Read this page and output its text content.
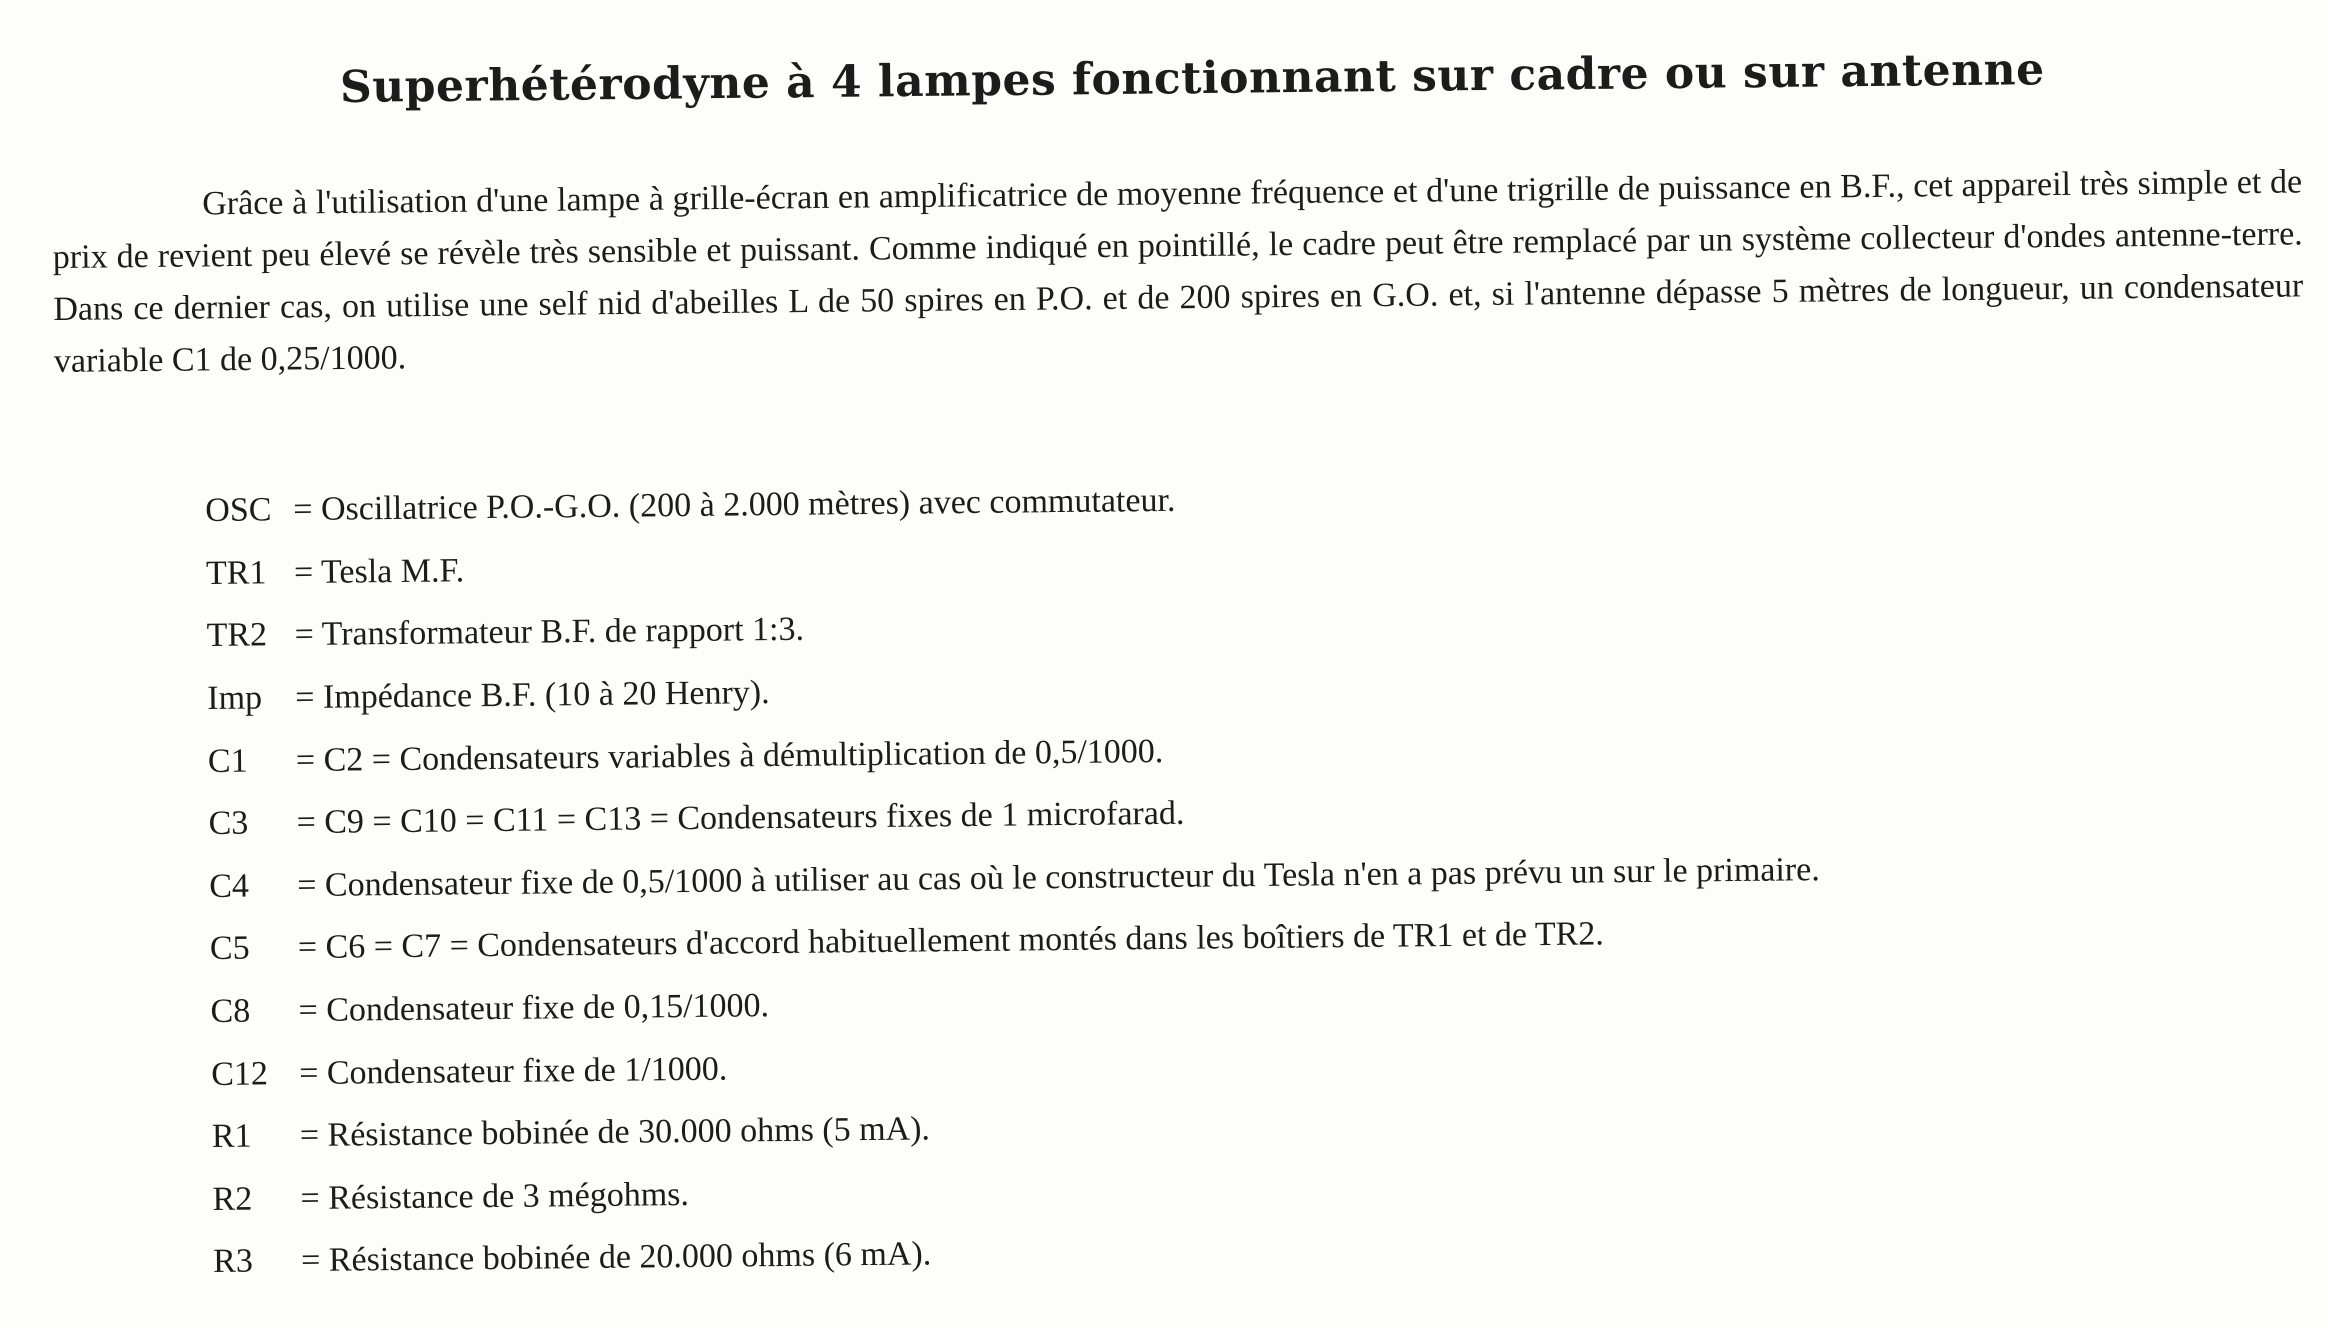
Superhétérodyne à 4 lampes fonctionnant sur cadre ou sur antenne

Grâce à l'utilisation d'une lampe à grille-écran en amplificatrice de moyenne fréquence et d'une trigrille de puissance en B.F., cet appareil très simple et de prix de revient peu élevé se révèle très sensible et puissant. Comme indiqué en pointillé, le cadre peut être remplacé par un système collecteur d'ondes antenne-terre. Dans ce dernier cas, on utilise une self nid d'abeilles L de 50 spires en P.O. et de 200 spires en G.O. et, si l'antenne dépasse 5 mètres de longueur, un condensateur variable C1 de 0,25/1000.

OSC = Oscillatrice P.O.-G.O. (200 à 2.000 mètres) avec commutateur.
TR1 = Tesla M.F.
TR2 = Transformateur B.F. de rapport 1:3.
Imp = Impédance B.F. (10 à 20 Henry).
C1	= C2 = Condensateurs variables à démultiplication de 0,5/1000.
C3	= C9 = C10 = C11 = C13 = Condensateurs fixes de 1 microfarad.
C4	= Condensateur fixe de 0,5/1000 à utiliser au cas où le constructeur du Tesla n'en a pas prévu un sur le primaire.
C5	= C6 = C7 = Condensateurs d'accord habituellement montés dans les boîtiers de TR1 et de TR2.
C8	= Condensateur fixe de 0,15/1000.
C12 = Condensateur fixe de 1/1000.
R1	= Résistance bobinée de 30.000 ohms (5 mA).
R2	= Résistance de 3 mégohms.
R3	= Résistance bobinée de 20.000 ohms (6 mA).
